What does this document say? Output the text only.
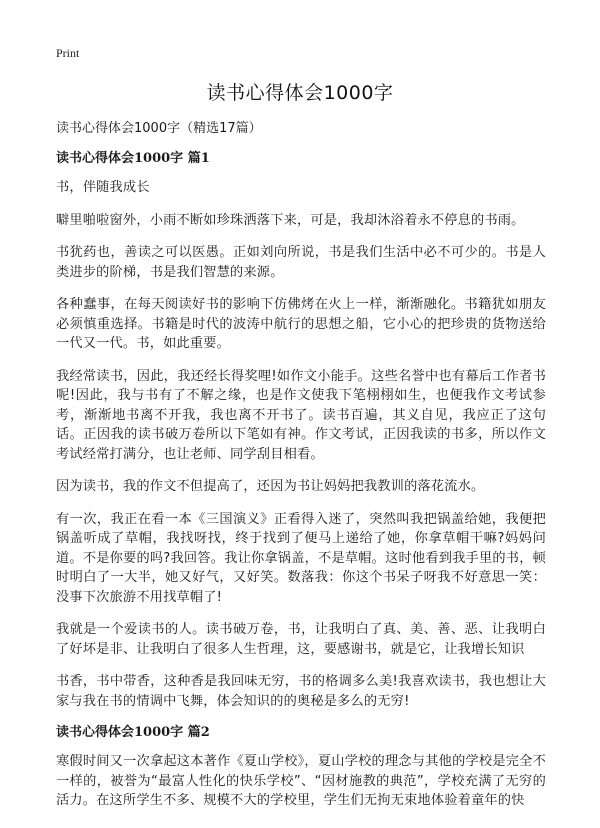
Print
读书心得体会1000字
读书心得体会1000字（精选17篇）
读书心得体会1000字 篇1
书，伴随我成长
噼里啪啦窗外，小雨不断如珍珠洒落下来，可是，我却沐浴着永不停息的书雨。
书犹药也，善读之可以医愚。正如刘向所说，书是我们生活中必不可少的。书是人类进步的阶梯，书是我们智慧的来源。
各种蠢事，在每天阅读好书的影响下仿佛烤在火上一样，渐渐融化。书籍犹如朋友必须慎重选择。书籍是时代的波涛中航行的思想之船，它小心的把珍贵的货物送给一代又一代。书，如此重要。
我经常读书，因此，我还经长得奖哩!如作文小能手。这些名誉中也有幕后工作者书呢!因此，我与书有了不解之缘，也是作文使我下笔栩栩如生，也便我作文考试参考，渐渐地书离不开我，我也离不开书了。读书百遍，其义自见，我应正了这句话。正因我的读书破万卷所以下笔如有神。作文考试，正因我读的书多，所以作文考试经常打满分，也让老师、同学刮目相看。
因为读书，我的作文不但提高了，还因为书让妈妈把我教训的落花流水。
有一次，我正在看一本《三国演义》正看得入迷了，突然叫我把锅盖给她，我便把锅盖听成了草帽，我找呀找，终于找到了便马上递给了她，你拿草帽干嘛?妈妈问道。不是你要的吗?我回答。我让你拿锅盖，不是草帽。这时他看到我手里的书，顿时明白了一大半，她又好气，又好笑。数落我：你这个书呆子呀我不好意思一笑：没事下次旅游不用找草帽了!
我就是一个爱读书的人。读书破万卷，书，让我明白了真、美、善、恶、让我明白了好坏是非、让我明白了很多人生哲理，这，要感谢书，就是它，让我增长知识
书香，书中带香，这种香是我回味无穷，书的格调多么美!我喜欢读书，我也想让大家与我在书的情调中飞舞，体会知识的的奥秘是多么的无穷!
读书心得体会1000字 篇2
寒假时间又一次拿起这本著作《夏山学校》，夏山学校的理念与其他的学校是完全不一样的，被誉为“最富人性化的快乐学校”、“因材施教的典范”，学校充满了无穷的活力。在这所学生不多、规模不大的学校里，学生们无拘无束地体验着童年的快
